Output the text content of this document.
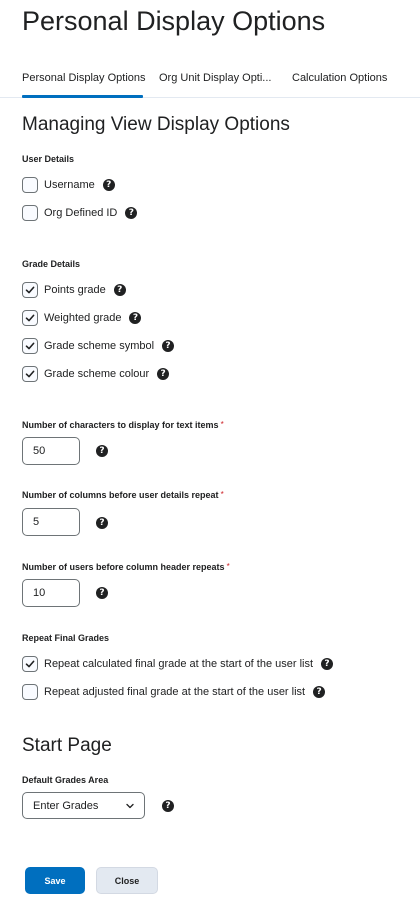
Personal Display Options
Personal Display Options Org Unit Display Opti... Calculation Options
Managing View Display Options
User Details
Username	?
Org Defined ID	?
Grade Details
Points grade	?
Weighted grade	?
Grade scheme symbol	?
Grade scheme colour	?
Number of characters to display for text items *
50
?
Number of columns before user details repeat *
5
?
Number of users before column header repeats *
10
?
Repeat Final Grades
Repeat calculated final grade at the start of the user list	?
Repeat adjusted final grade at the start of the user list	?
Start Page
Default Grades Area
Enter Grades	?
Save	Close
